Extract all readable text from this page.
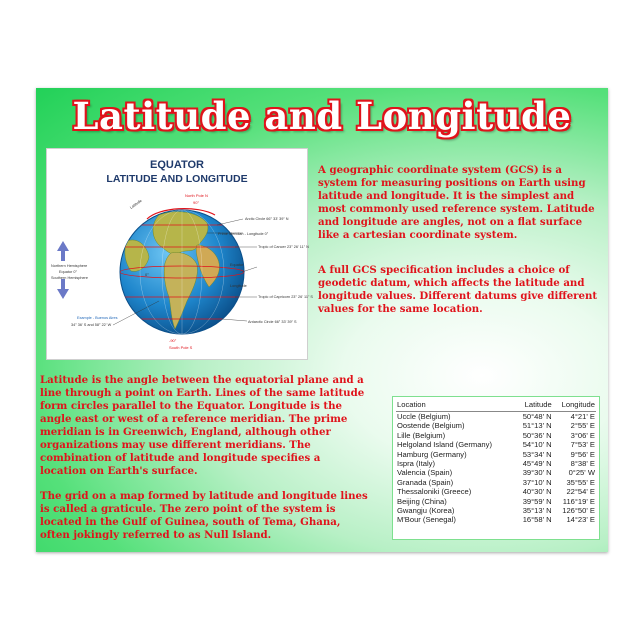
Latitude and Longitude
EQUATOR
LATITUDE AND LONGITUDE
North Pole N
90°
-90°
South Pole S
0°
Arctic Circle 66° 33' 39" N
Prime Meridian - Longitude 0°
Equator
Tropic of Cancer 23° 26' 11" N
Longitude
Tropic of Capricorn 23° 26' 11" S
Antarctic Circle 66° 33' 39" S
Latitude
Northern Hemisphere
Equator 0°
Southern Hemisphere
Example - Buenos Aires
34° 36' S and 58° 22' W

A geographic coordinate system (GCS) is a system for measuring positions on Earth using latitude and longitude. It is the simplest and most commonly used reference system. Latitude and longitude are angles, not on a flat surface like a cartesian coordinate system.

A full GCS specification includes a choice of geodetic datum, which affects the latitude and longitude values. Different datums give different values for the same location.

Latitude is the angle between the equatorial plane and a line through a point on Earth. Lines of the same latitude form circles parallel to the Equator. Longitude is the angle east or west of a reference meridian. The prime meridian is in Greenwich, England, although other organizations may use different meridians. The combination of latitude and longitude specifies a location on Earth's surface.

The grid on a map formed by latitude and longitude lines is called a graticule. The zero point of the system is located in the Gulf of Guinea, south of Tema, Ghana, often jokingly referred to as Null Island.

Location	Latitude	Longitude
Uccle (Belgium)	50°48' N	4°21' E
Oostende (Belgium)	51°13' N	2°55' E
Lille (Belgium)	50°36' N	3°06' E
Helgoland Island (Germany)	54°10' N	7°53' E
Hamburg (Germany)	53°34' N	9°56' E
Ispra (Italy)	45°49' N	8°38' E
Valencia (Spain)	39°30' N	0°25' W
Granada (Spain)	37°10' N	35°55' E
Thessaloniki (Greece)	40°30' N	22°54' E
Beijing (China)	39°59' N	116°19' E
Gwangju (Korea)	35°13' N	126°50' E
M'Bour (Senegal)	16°58' N	14°23' E
